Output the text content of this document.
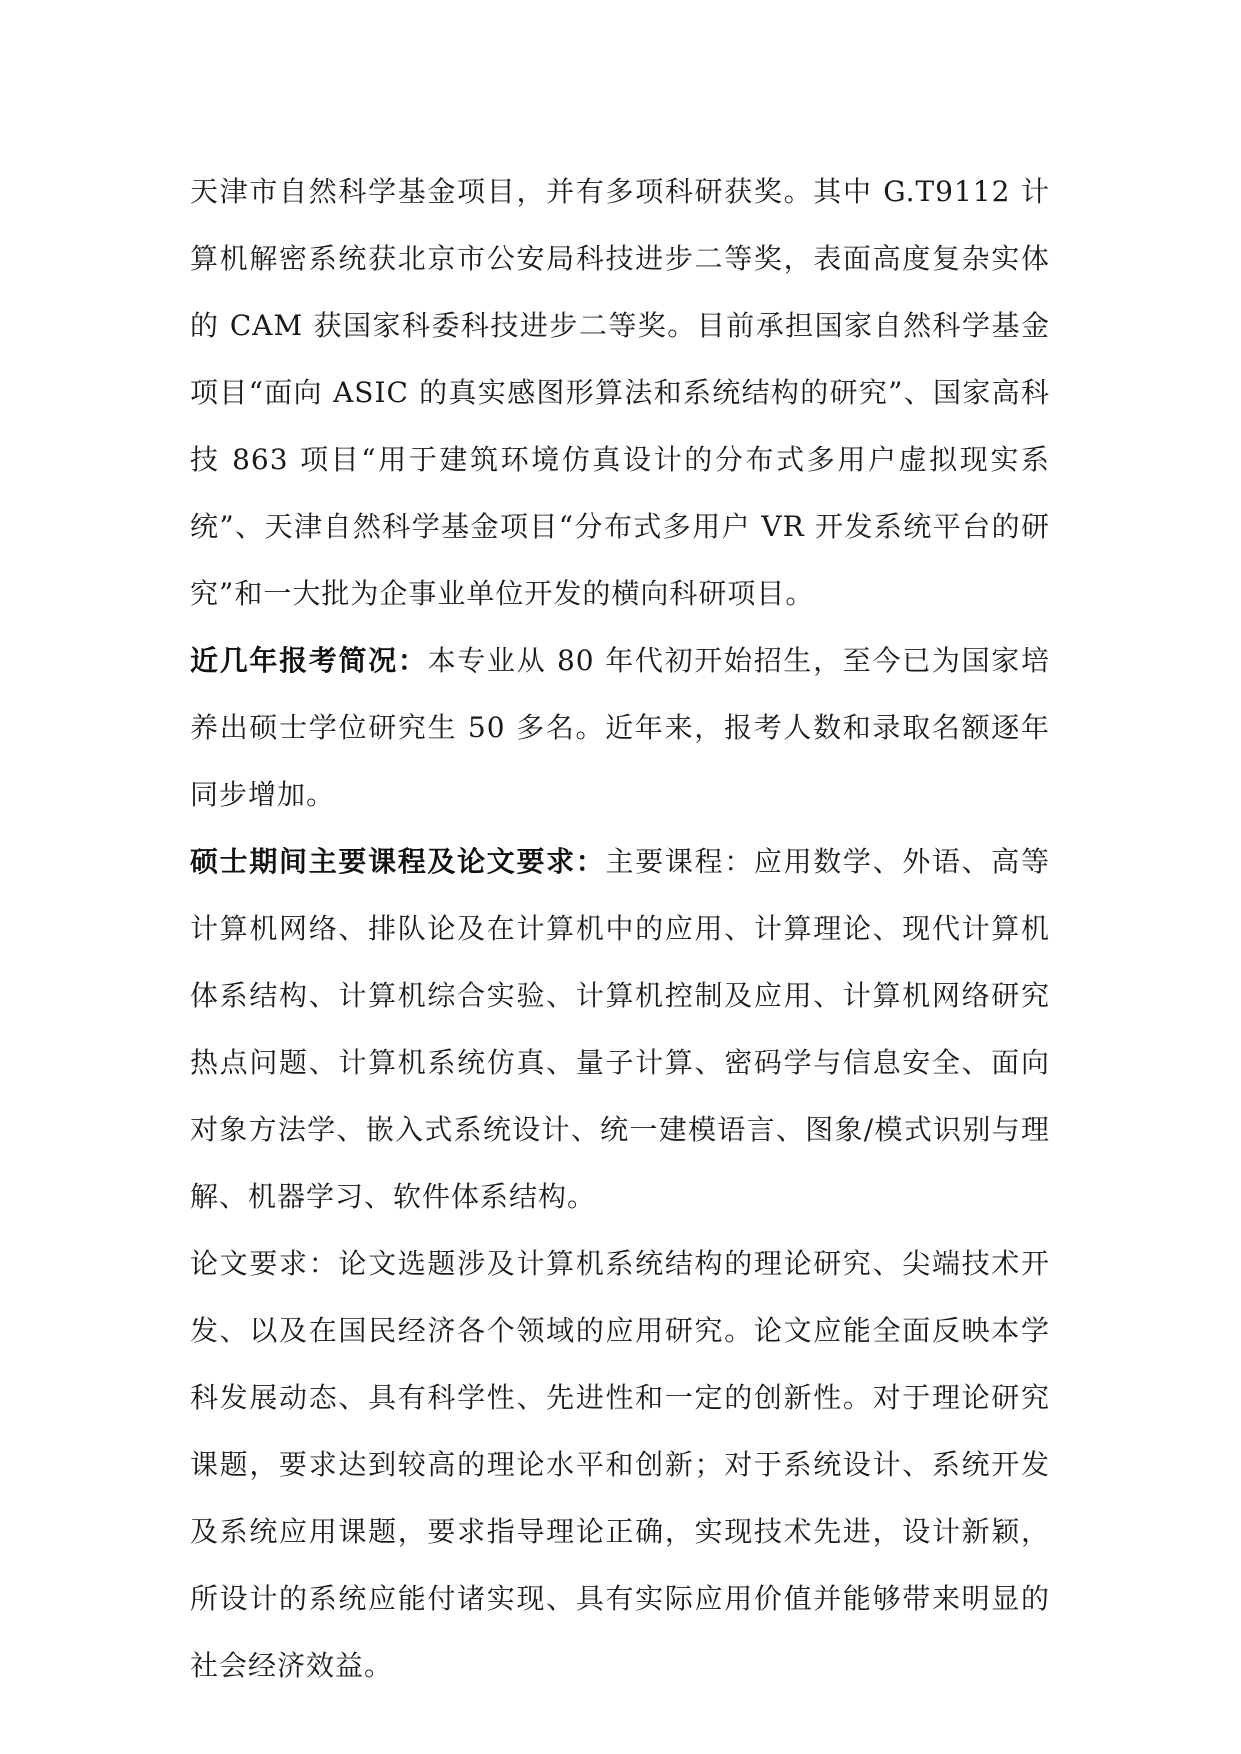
天津市自然科学基金项目，并有多项科研获奖。其中 G.T9112 计算机解密系统获北京市公安局科技进步二等奖，表面高度复杂实体的 CAM 获国家科委科技进步二等奖。目前承担国家自然科学基金项目“面向 ASIC 的真实感图形算法和系统结构的研究”、国家高科技 863 项目“用于建筑环境仿真设计的分布式多用户虚拟现实系统”、天津自然科学基金项目“分布式多用户 VR 开发系统平台的研究”和一大批为企事业单位开发的横向科研项目。

近几年报考简况：本专业从 80 年代初开始招生，至今已为国家培养出硕士学位研究生 50 多名。近年来，报考人数和录取名额逐年同步增加。

硕士期间主要课程及论文要求：主要课程：应用数学、外语、高等计算机网络、排队论及在计算机中的应用、计算理论、现代计算机体系结构、计算机综合实验、计算机控制及应用、计算机网络研究热点问题、计算机系统仿真、量子计算、密码学与信息安全、面向对象方法学、嵌入式系统设计、统一建模语言、图象/模式识别与理解、机器学习、软件体系结构。

论文要求：论文选题涉及计算机系统结构的理论研究、尖端技术开发、以及在国民经济各个领域的应用研究。论文应能全面反映本学科发展动态、具有科学性、先进性和一定的创新性。对于理论研究课题，要求达到较高的理论水平和创新；对于系统设计、系统开发及系统应用课题，要求指导理论正确，实现技术先进，设计新颖，所设计的系统应能付诸实现、具有实际应用价值并能够带来明显的社会经济效益。
